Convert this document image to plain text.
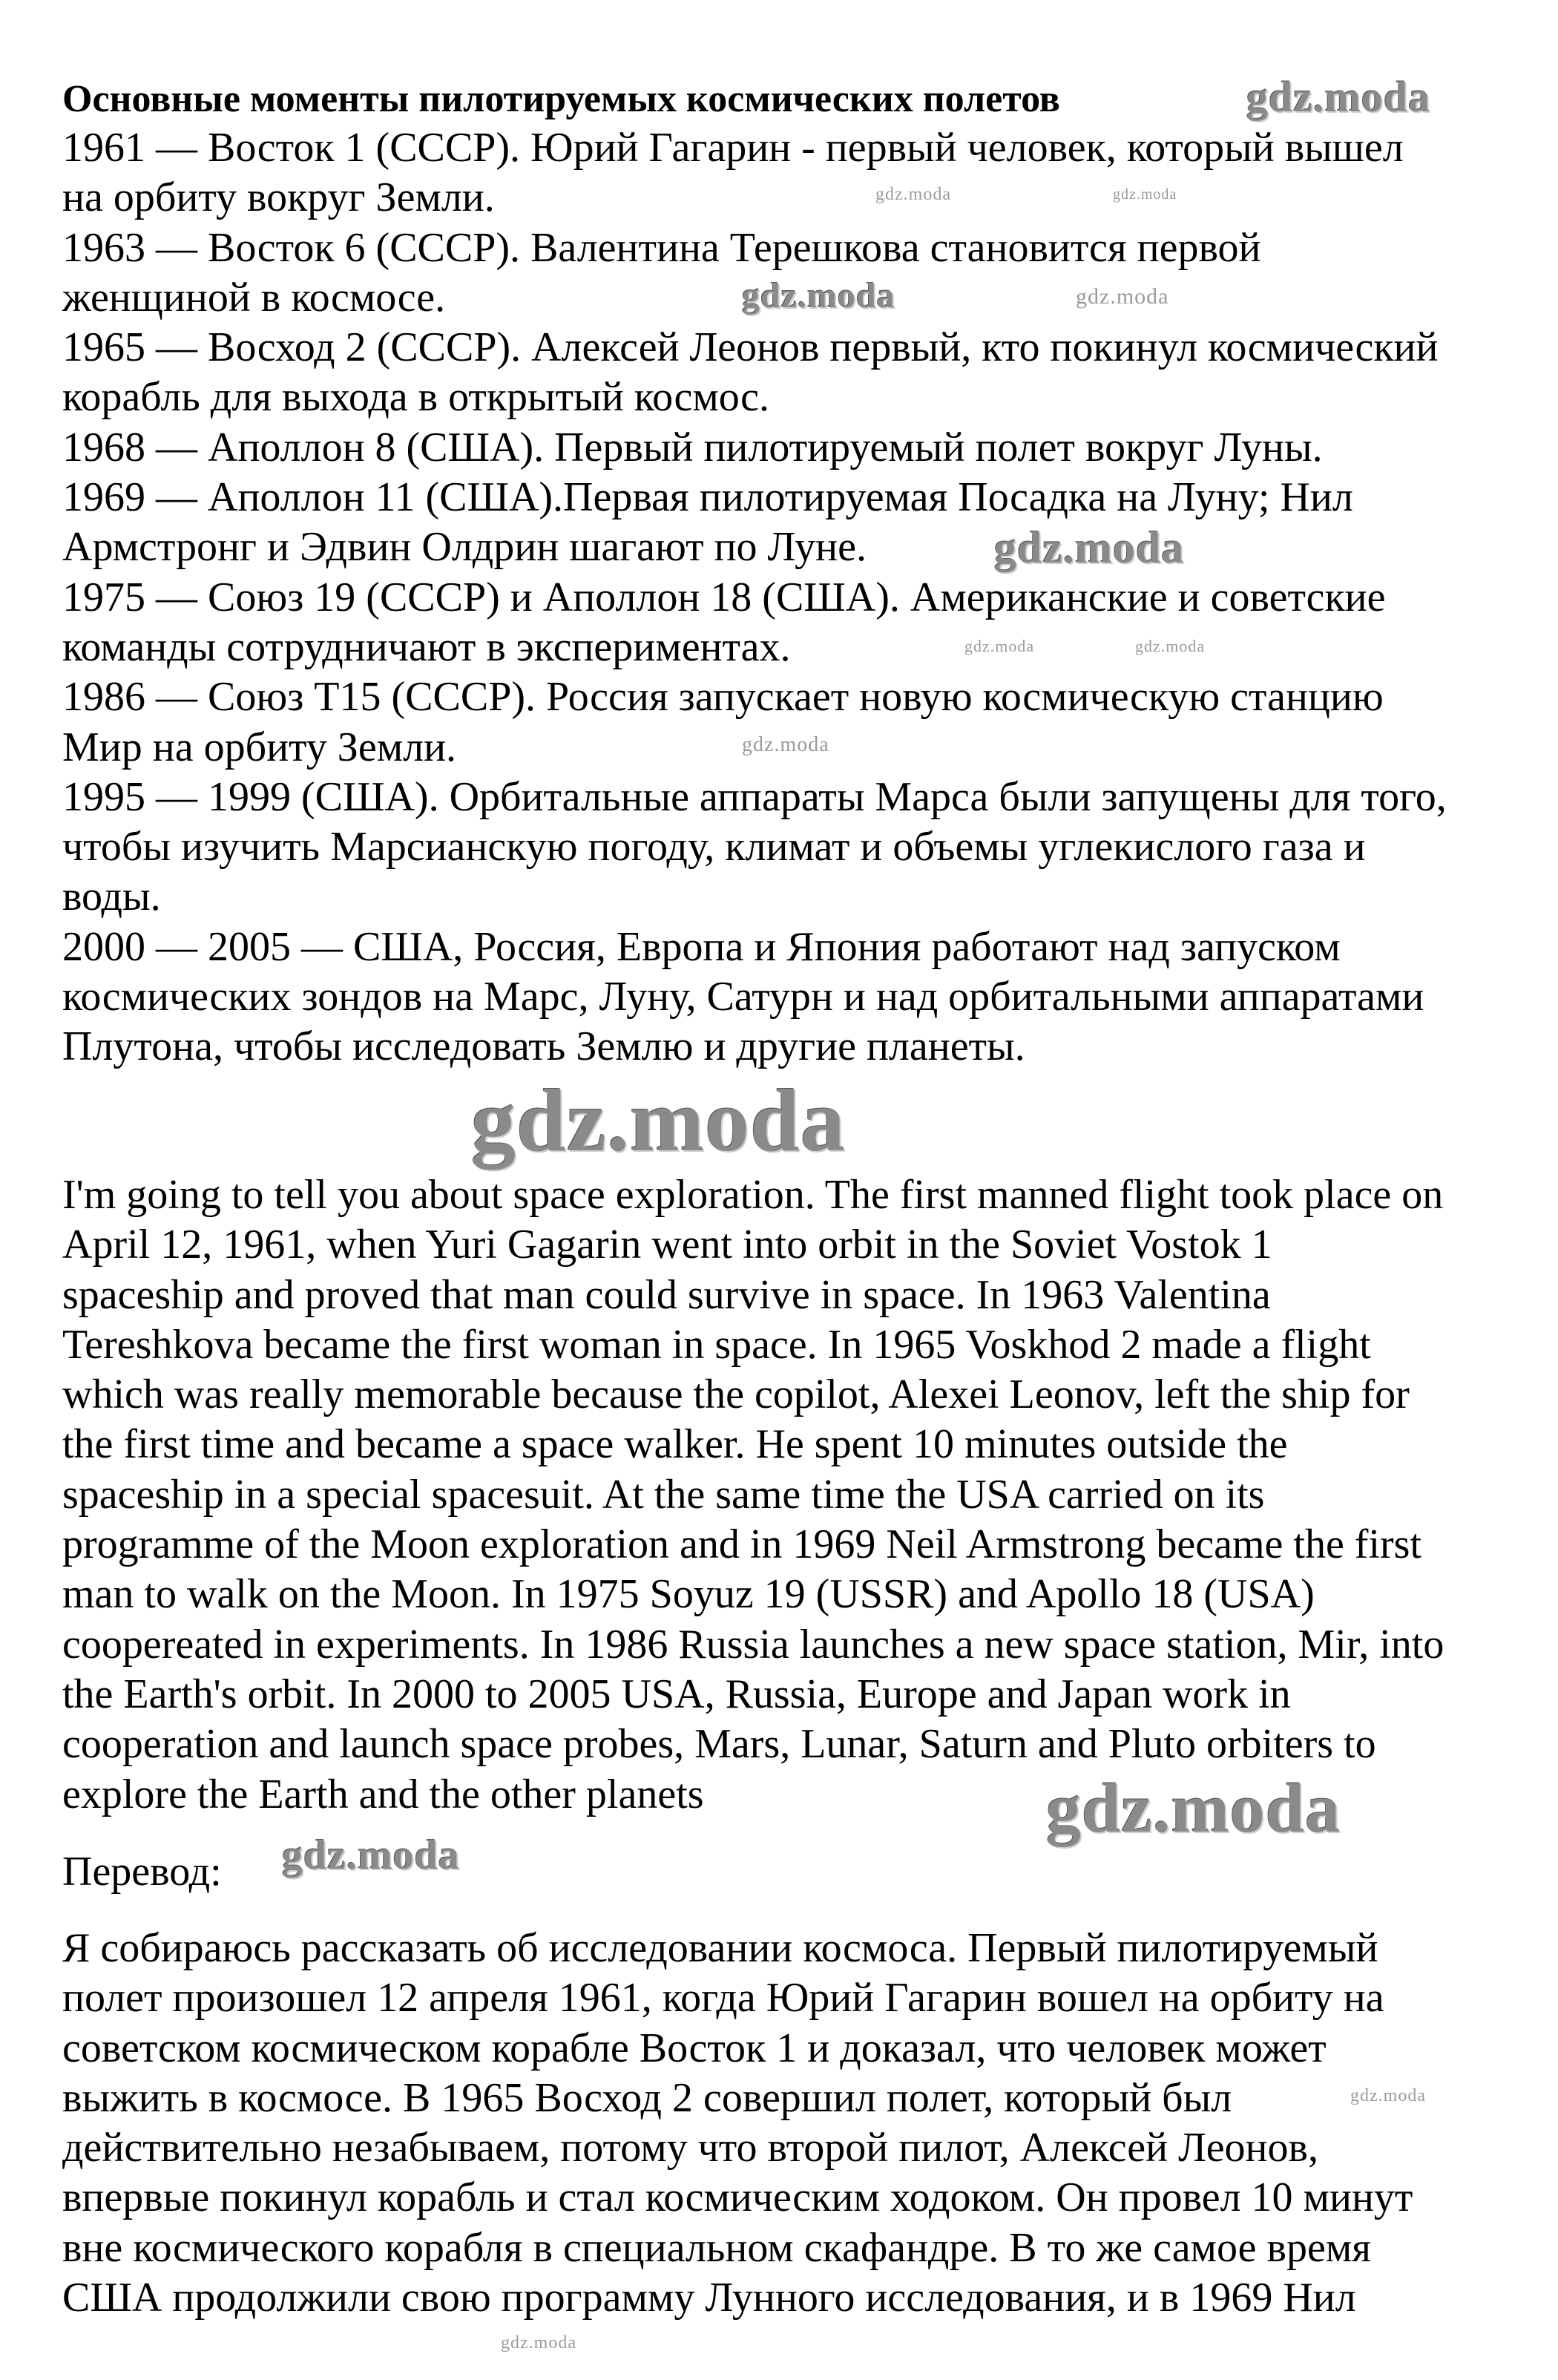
Основные моменты пилотируемых космических полетов
1961 — Восток 1 (СССР). Юрий Гагарин - первый человек, который вышел
на орбиту вокруг Земли.
1963 — Восток 6 (СССР). Валентина Терешкова становится первой
женщиной в космосе.
1965 — Восход 2 (СССР). Алексей Леонов первый, кто покинул космический
корабль для выхода в открытый космос.
1968 — Аполлон 8 (США). Первый пилотируемый полет вокруг Луны.
1969 — Аполлон 11 (США).Первая пилотируемая Посадка на Луну; Нил
Армстронг и Эдвин Олдрин шагают по Луне.
1975 — Союз 19 (СССР) и Аполлон 18 (США). Американские и советские
команды сотрудничают в экспериментах.
1986 — Союз Т15 (СССР). Россия запускает новую космическую станцию
Мир на орбиту Земли.
1995 — 1999 (США). Орбитальные аппараты Марса были запущены для того,
чтобы изучить Марсианскую погоду, климат и объемы углекислого газа и
воды.
2000 — 2005 — США, Россия, Европа и Япония работают над запуском
космических зондов на Марс, Луну, Сатурн и над орбитальными аппаратами
Плутона, чтобы исследовать Землю и другие планеты.
I'm going to tell you about space exploration. The first manned flight took place on
April 12, 1961, when Yuri Gagarin went into orbit in the Soviet Vostok 1
spaceship and proved that man could survive in space. In 1963 Valentina
Tereshkova became the first woman in space. In 1965 Voskhod 2 made a flight
which was really memorable because the copilot, Alexei Leonov, left the ship for
the first time and became a space walker. He spent 10 minutes outside the
spaceship in a special spacesuit. At the same time the USA carried on its
programme of the Moon exploration and in 1969 Neil Armstrong became the first
man to walk on the Moon. In 1975 Soyuz 19 (USSR) and Apollo 18 (USA)
coopereated in experiments. In 1986 Russia launches a new space station, Mir, into
the Earth's orbit. In 2000 to 2005 USA, Russia, Europe and Japan work in
cooperation and launch space probes, Mars, Lunar, Saturn and Pluto orbiters to
explore the Earth and the other planets
Перевод:
Я собираюсь рассказать об исследовании космоса. Первый пилотируемый
полет произошел 12 апреля 1961, когда Юрий Гагарин вошел на орбиту на
советском космическом корабле Восток 1 и доказал, что человек может
выжить в космосе. В 1965 Восход 2 совершил полет, который был
действительно незабываем, потому что второй пилот, Алексей Леонов,
впервые покинул корабль и стал космическим ходоком. Он провел 10 минут
вне космического корабля в специальном скафандре. В то же самое время
США продолжили свою программу Лунного исследования, и в 1969 Нил
gdz.moda
gdz.moda
gdz.moda
gdz.moda
gdz.moda
gdz.moda
gdz.moda
gdz.moda	gdz.moda
gdz.moda
gdz.moda
gdz.moda
gdz.moda
gdz.moda
